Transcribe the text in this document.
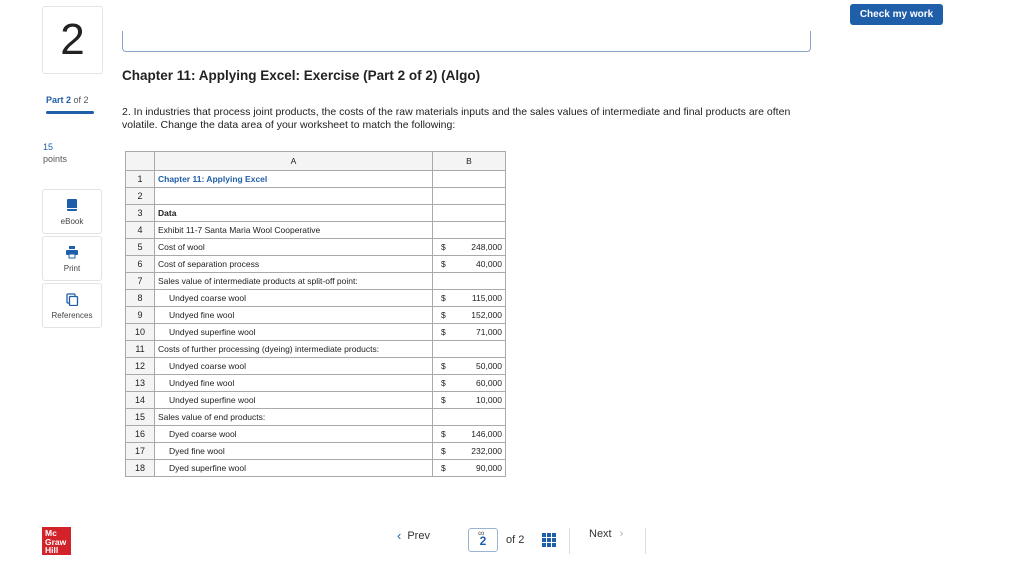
2
Part 2 of 2
15
points
eBook
Print
References
Check my work
Chapter 11: Applying Excel: Exercise (Part 2 of 2) (Algo)
2. In industries that process joint products, the costs of the raw materials inputs and the sales values of intermediate and final products are often volatile. Change the data area of your worksheet to match the following:
	A	B
1	Chapter 11: Applying Excel	

2		

3	Data	

4	Exhibit 11-7 Santa Maria Wool Cooperative	

5	Cost of wool	$ 248,000

6	Cost of separation process	$ 40,000

7	Sales value of intermediate products at split-off point:	

8	Undyed coarse wool	$ 115,000

9	Undyed fine wool	$ 152,000

10	Undyed superfine wool	$ 71,000

11	Costs of further processing (dyeing) intermediate products:	

12	Undyed coarse wool	$ 50,000

13	Undyed fine wool	$ 60,000

14	Undyed superfine wool	$ 10,000

15	Sales value of end products:	

16	Dyed coarse wool	$ 146,000

17	Dyed fine wool	$ 232,000

18	Dyed superfine wool	$ 90,000
Mc
Graw
Hill
‹ Prev	∞
2 of 2	Next ›
